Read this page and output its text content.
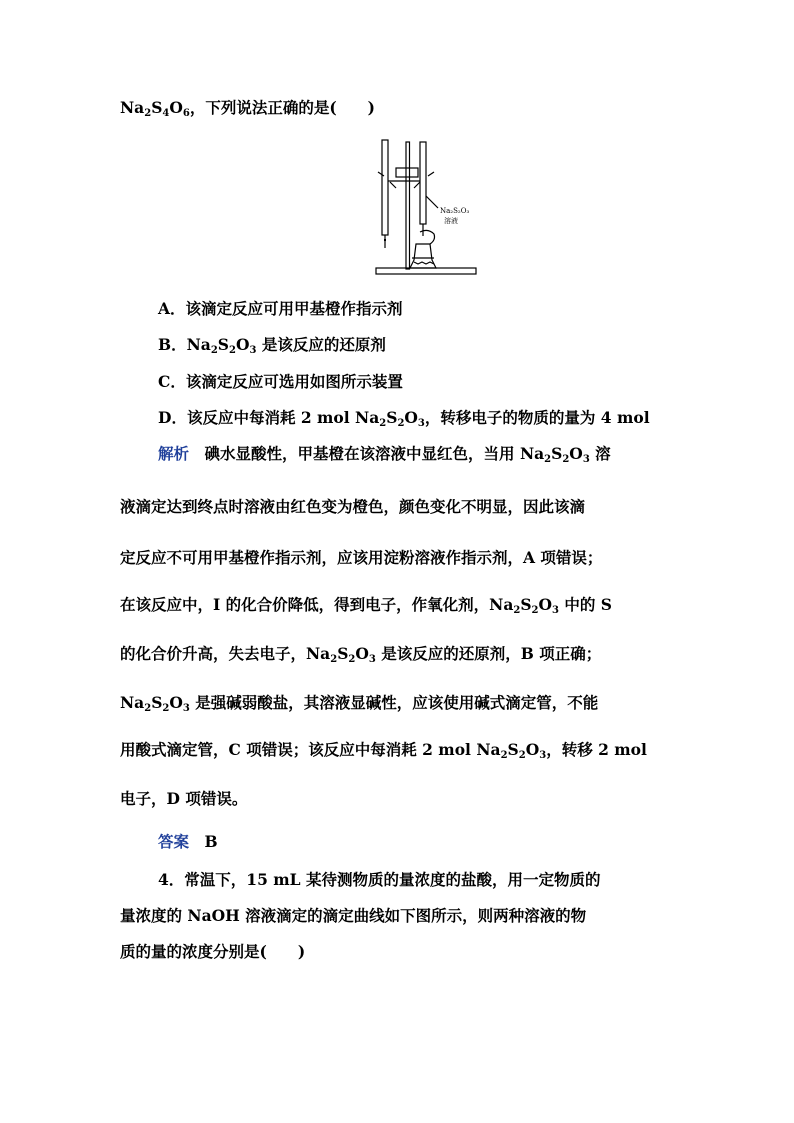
$Na_2S_4O_6$，下列说法正确的是(　　)
Na₂S₂O₃
溶液
A．该滴定反应可用甲基橙作指示剂
B．$Na_2S_2O_3$ 是该反应的还原剂
C．该滴定反应可选用如图所示装置
D．该反应中每消耗 2 mol $Na_2S_2O_3$，转移电子的物质的量为 4 mol
解析　 碘水显酸性，甲基橙在该溶液中显红色，当用 $Na_2S_2O_3$ 溶
液滴定达到终点时溶液由红色变为橙色，颜色变化不明显，因此该滴
定反应不可用甲基橙作指示剂，应该用淀粉溶液作指示剂，A 项错误；
在该反应中，I 的化合价降低，得到电子，作氧化剂，$Na_2S_2O_3$ 中的 S
的化合价升高，失去电子，$Na_2S_2O_3$ 是该反应的还原剂，B 项正确；
$Na_2S_2O_3$ 是强碱弱酸盐，其溶液显碱性，应该使用碱式滴定管，不能
用酸式滴定管，C 项错误；该反应中每消耗 2 mol $Na_2S_2O_3$，转移 2 mol
电子，D 项错误。
答案　 B
4．常温下，15 mL 某待测物质的量浓度的盐酸，用一定物质的
量浓度的 NaOH 溶液滴定的滴定曲线如下图所示，则两种溶液的物
质的量的浓度分别是(　　)
